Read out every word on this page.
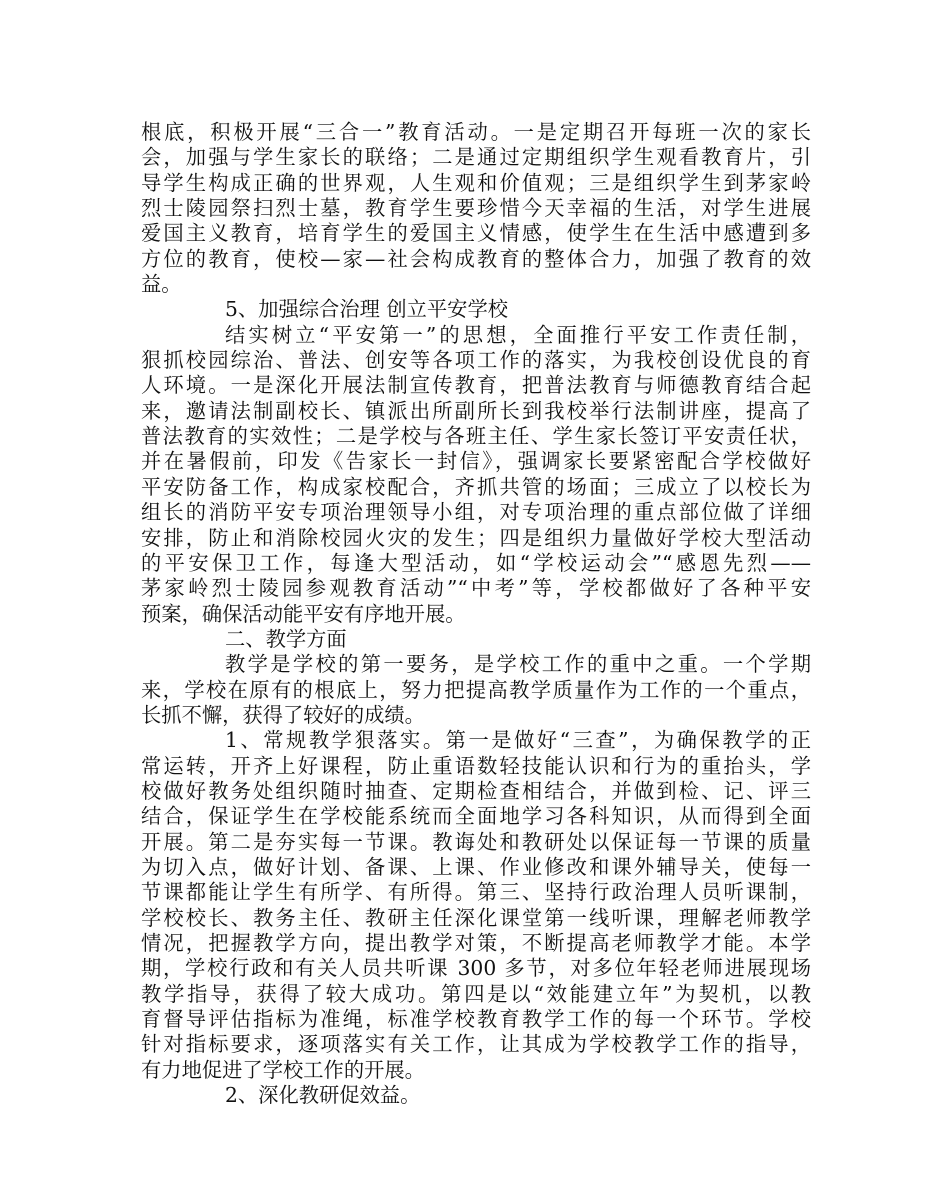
根底，积极开展“三合一”教育活动。一是定期召开每班一次的家长
会，加强与学生家长的联络；二是通过定期组织学生观看教育片，引
导学生构成正确的世界观，人生观和价值观；三是组织学生到茅家岭
烈士陵园祭扫烈士墓，教育学生要珍惜今天幸福的生活，对学生进展
爱国主义教育，培育学生的爱国主义情感，使学生在生活中感遭到多
方位的教育，使校—家—社会构成教育的整体合力，加强了教育的效
益。
5、加强综合治理 创立平安学校
结实树立“平安第一”的思想，全面推行平安工作责任制，
狠抓校园综治、普法、创安等各项工作的落实，为我校创设优良的育
人环境。一是深化开展法制宣传教育，把普法教育与师德教育结合起
来，邀请法制副校长、镇派出所副所长到我校举行法制讲座，提高了
普法教育的实效性；二是学校与各班主任、学生家长签订平安责任状，
并在暑假前，印发《告家长一封信》，强调家长要紧密配合学校做好
平安防备工作，构成家校配合，齐抓共管的场面；三成立了以校长为
组长的消防平安专项治理领导小组，对专项治理的重点部位做了详细
安排，防止和消除校园火灾的发生；四是组织力量做好学校大型活动
的平安保卫工作，每逢大型活动，如“学校运动会”“感恩先烈——
茅家岭烈士陵园参观教育活动”“中考”等，学校都做好了各种平安
预案，确保活动能平安有序地开展。
二、教学方面
教学是学校的第一要务，是学校工作的重中之重。一个学期
来，学校在原有的根底上，努力把提高教学质量作为工作的一个重点，
长抓不懈，获得了较好的成绩。
1、常规教学狠落实。第一是做好“三查”，为确保教学的正
常运转，开齐上好课程，防止重语数轻技能认识和行为的重抬头，学
校做好教务处组织随时抽查、定期检查相结合，并做到检、记、评三
结合，保证学生在学校能系统而全面地学习各科知识，从而得到全面
开展。第二是夯实每一节课。教诲处和教研处以保证每一节课的质量
为切入点，做好计划、备课、上课、作业修改和课外辅导关，使每一
节课都能让学生有所学、有所得。第三、坚持行政治理人员听课制，
学校校长、教务主任、教研主任深化课堂第一线听课，理解老师教学
情况，把握教学方向，提出教学对策，不断提高老师教学才能。本学
期，学校行政和有关人员共听课 300 多节，对多位年轻老师进展现场
教学指导，获得了较大成功。第四是以“效能建立年”为契机，以教
育督导评估指标为准绳，标准学校教育教学工作的每一个环节。学校
针对指标要求，逐项落实有关工作，让其成为学校教学工作的指导，
有力地促进了学校工作的开展。
2、深化教研促效益。
